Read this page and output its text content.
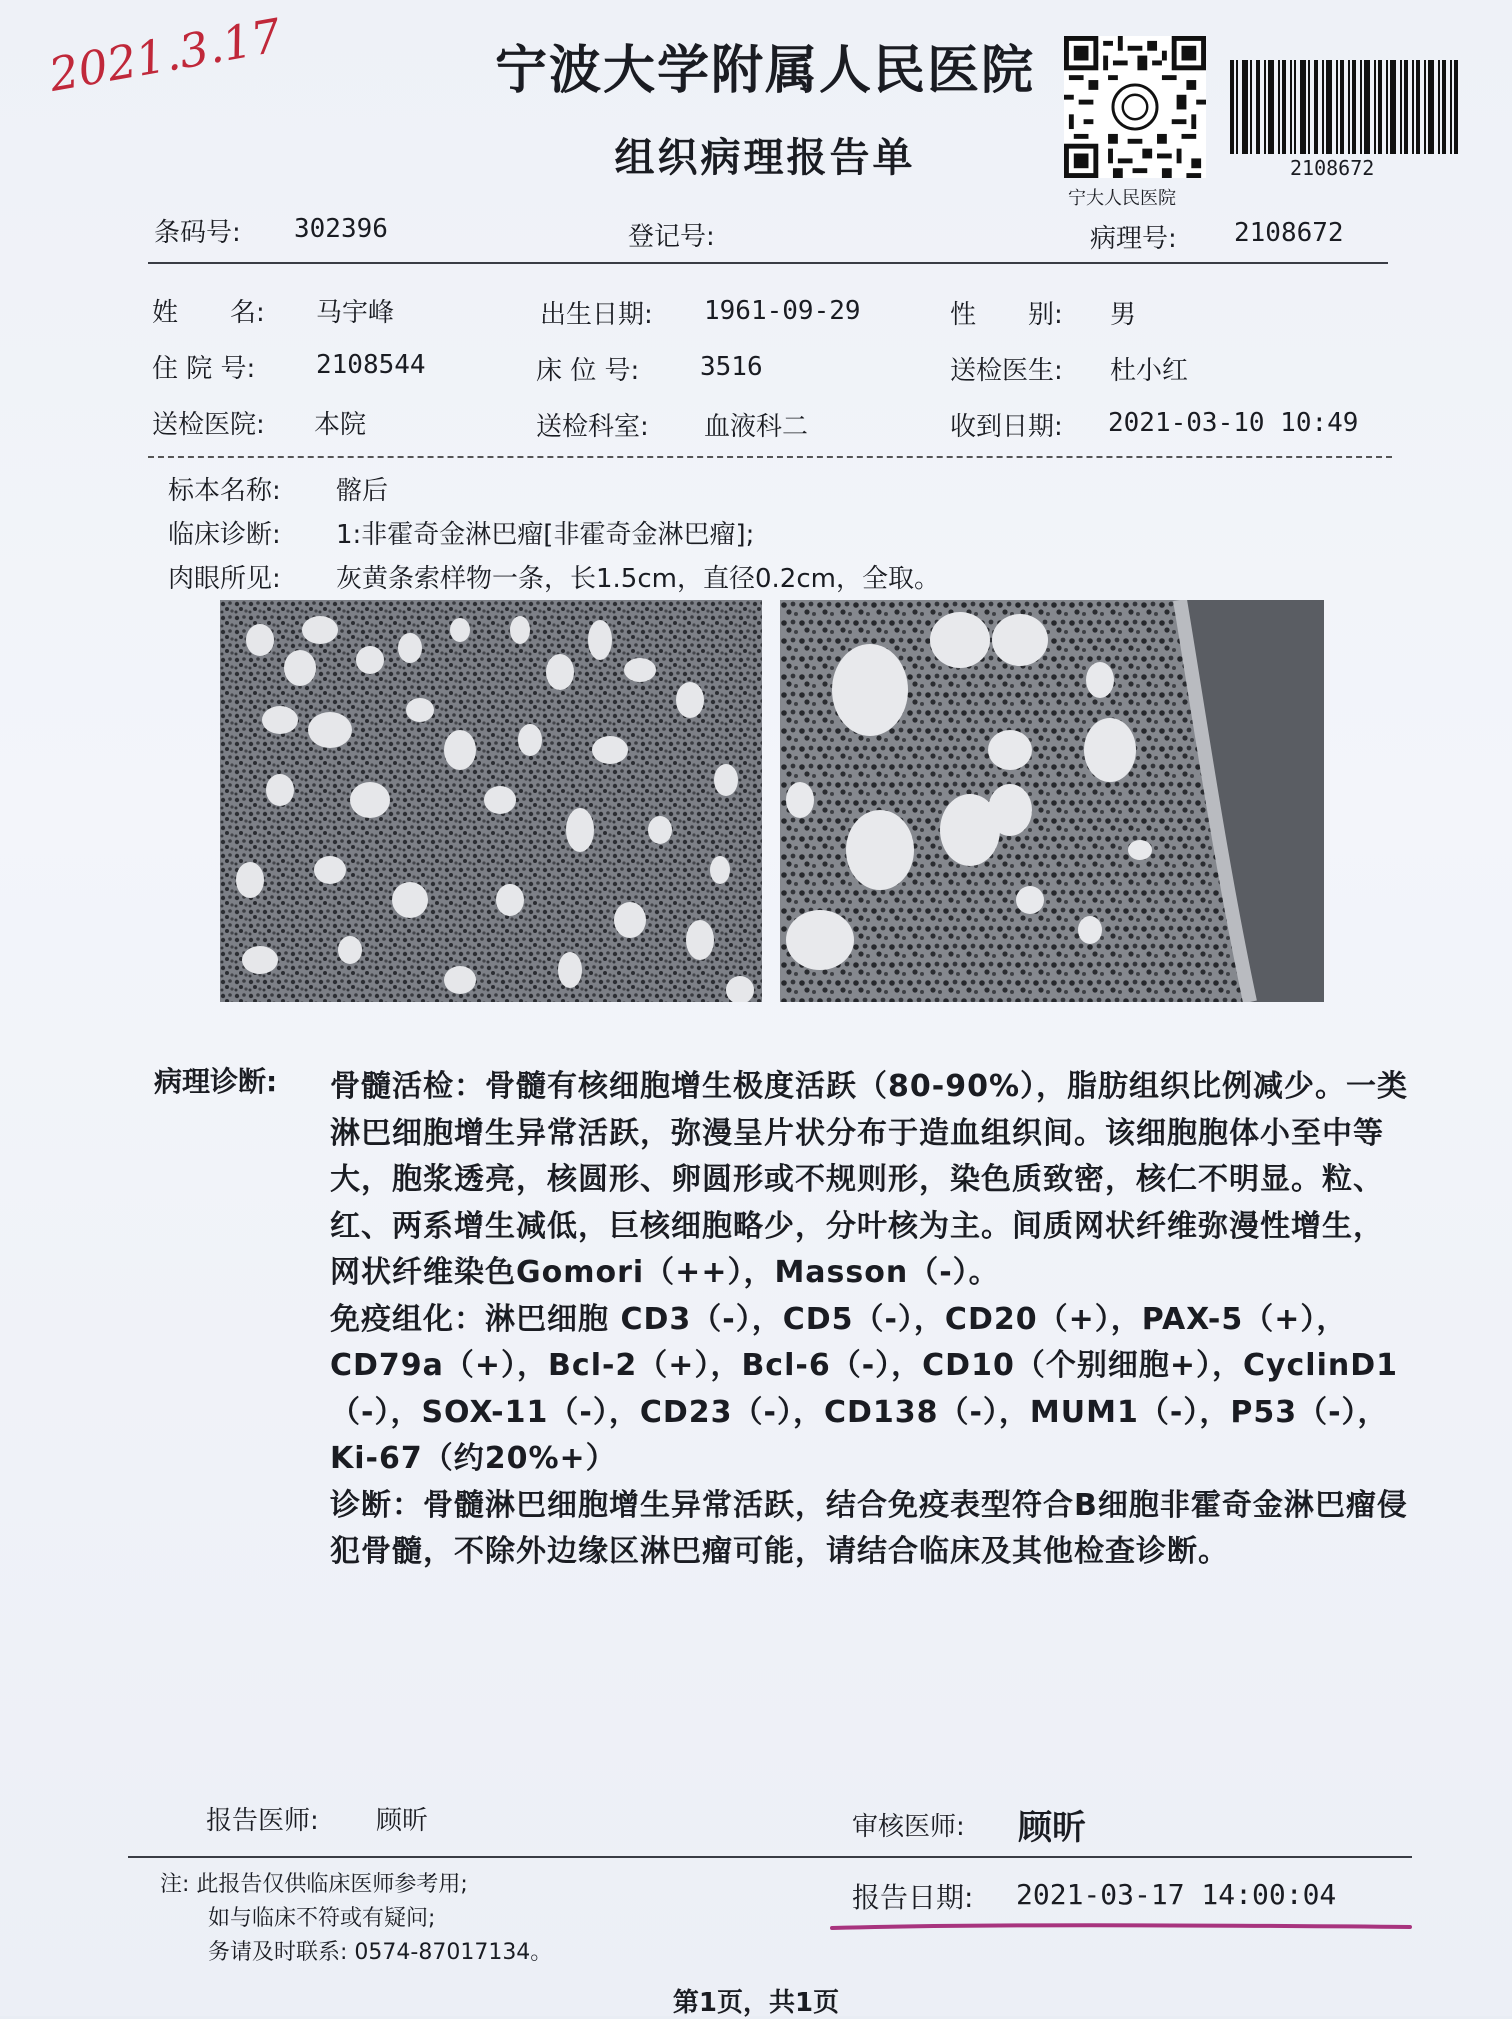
2021.3.17	宁波大学附属人民医院
组织病理报告单
宁大人民医院
2108672
条码号: 302396	登记号:	病理号: 2108672
姓　　名: 马宇峰	出生日期: 1961-09-29	性　　别: 男
住 院 号: 2108544	床 位 号: 3516	送检医生: 杜小红
送检医院: 本院	送检科室: 血液科二	收到日期: 2021-03-10 10:49
标本名称: 髂后
临床诊断: 1:非霍奇金淋巴瘤[非霍奇金淋巴瘤];
肉眼所见: 灰黄条索样物一条，长1.5cm，直径0.2cm，全取。
病理诊断: 骨髓活检：骨髓有核细胞增生极度活跃（80-90%），脂肪组织比例减少。一类淋巴细胞增生异常活跃，弥漫呈片状分布于造血组织间。该细胞胞体小至中等大，胞浆透亮，核圆形、卵圆形或不规则形，染色质致密，核仁不明显。粒、红、两系增生减低，巨核细胞略少，分叶核为主。间质网状纤维弥漫性增生，网状纤维染色Gomori（++），Masson（-）。

免疫组化：淋巴细胞 CD3（-），CD5（-），CD20（+），PAX-5（+），CD79a（+），Bcl-2（+），Bcl-6（-），CD10（个别细胞+），CyclinD1（-），SOX-11（-），CD23（-），CD138（-），MUM1（-），P53（-），Ki-67（约20%+）

诊断：骨髓淋巴细胞增生异常活跃，结合免疫表型符合B细胞非霍奇金淋巴瘤侵犯骨髓，不除外边缘区淋巴瘤可能，请结合临床及其他检查诊断。

报告医师: 顾昕	审核医师: 顾昕
注: 此报告仅供临床医师参考用;
如与临床不符或有疑问;
务请及时联系: 0574-87017134。
报告日期: 2021-03-17 14:00:04
第1页，共1页
